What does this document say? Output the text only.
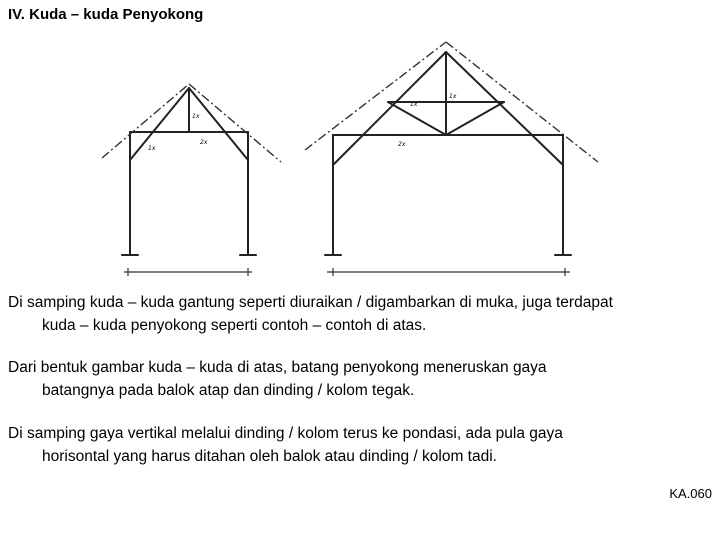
IV. Kuda – kuda Penyokong
1x
1x
2x
1x
1x
2x
Di samping kuda – kuda gantung seperti diuraikan / digambarkan di muka, juga terdapat
kuda – kuda penyokong seperti contoh – contoh di atas.
Dari bentuk gambar kuda – kuda di atas, batang penyokong meneruskan gaya
batangnya pada balok atap dan dinding / kolom tegak.
Di samping gaya vertikal melalui dinding / kolom terus ke pondasi, ada pula gaya
horisontal yang harus ditahan oleh balok atau dinding / kolom tadi.
KA.060
